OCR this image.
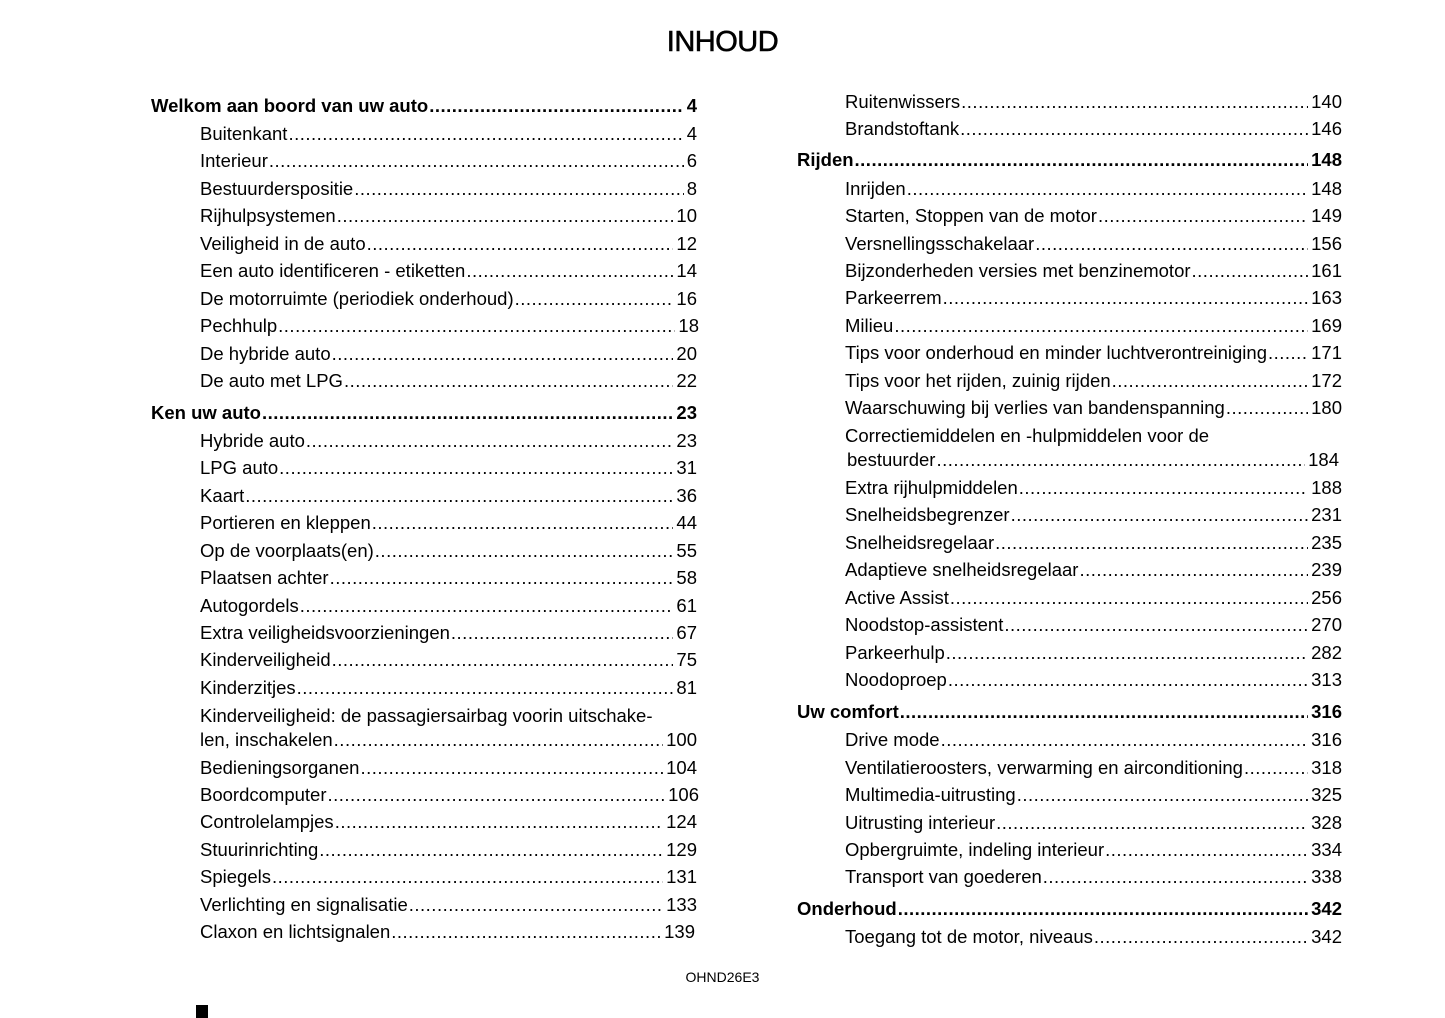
INHOUD
Welkom aan boord van uw auto .....	4
Buitenkant .....	4
Interieur .....	6
Bestuurderspositie .....	8
Rijhulpsystemen .....	10
Veiligheid in de auto .....	12
Een auto identificeren - etiketten .....	14
De motorruimte (periodiek onderhoud) .....	16
Pechhulp .....	18
De hybride auto .....	20
De auto met LPG .....	22
Ken uw auto .....	23
Hybride auto .....	23
LPG auto .....	31
Kaart .....	36
Portieren en kleppen .....	44
Op de voorplaats(en) .....	55
Plaatsen achter .....	58
Autogordels .....	61
Extra veiligheidsvoorzieningen .....	67
Kinderveiligheid .....	75
Kinderzitjes .....	81
Kinderveiligheid: de passagiersairbag voorin uitschake-
len, inschakelen .....	100
Bedieningsorganen .....	104
Boordcomputer .....	106
Controlelampjes .....	124
Stuurinrichting .....	129
Spiegels .....	131
Verlichting en signalisatie .....	133
Claxon en lichtsignalen .....	139
Ruitenwissers .....	140
Brandstoftank .....	146
Rijden .....	148
Inrijden .....	148
Starten, Stoppen van de motor .....	149
Versnellingsschakelaar .....	156
Bijzonderheden versies met benzinemotor .....	161
Parkeerrem .....	163
Milieu .....	169
Tips voor onderhoud en minder luchtverontreiniging ..... 171
Tips voor het rijden, zuinig rijden .....	172
Waarschuwing bij verlies van bandenspanning .....	180
Correctiemiddelen en -hulpmiddelen voor de
bestuurder .....	184
Extra rijhulpmiddelen .....	188
Snelheidsbegrenzer .....	231
Snelheidsregelaar .....	235
Adaptieve snelheidsregelaar .....	239
Active Assist .....	256
Noodstop-assistent .....	270
Parkeerhulp .....	282
Noodoproep .....	313
Uw comfort .....	316
Drive mode .....	316
Ventilatieroosters, verwarming en airconditioning .....	318
Multimedia-uitrusting .....	325
Uitrusting interieur .....	328
Opbergruimte, indeling interieur .....	334
Transport van goederen .....	338
Onderhoud .....	342
Toegang tot de motor, niveaus .....	342
OHND26E3
